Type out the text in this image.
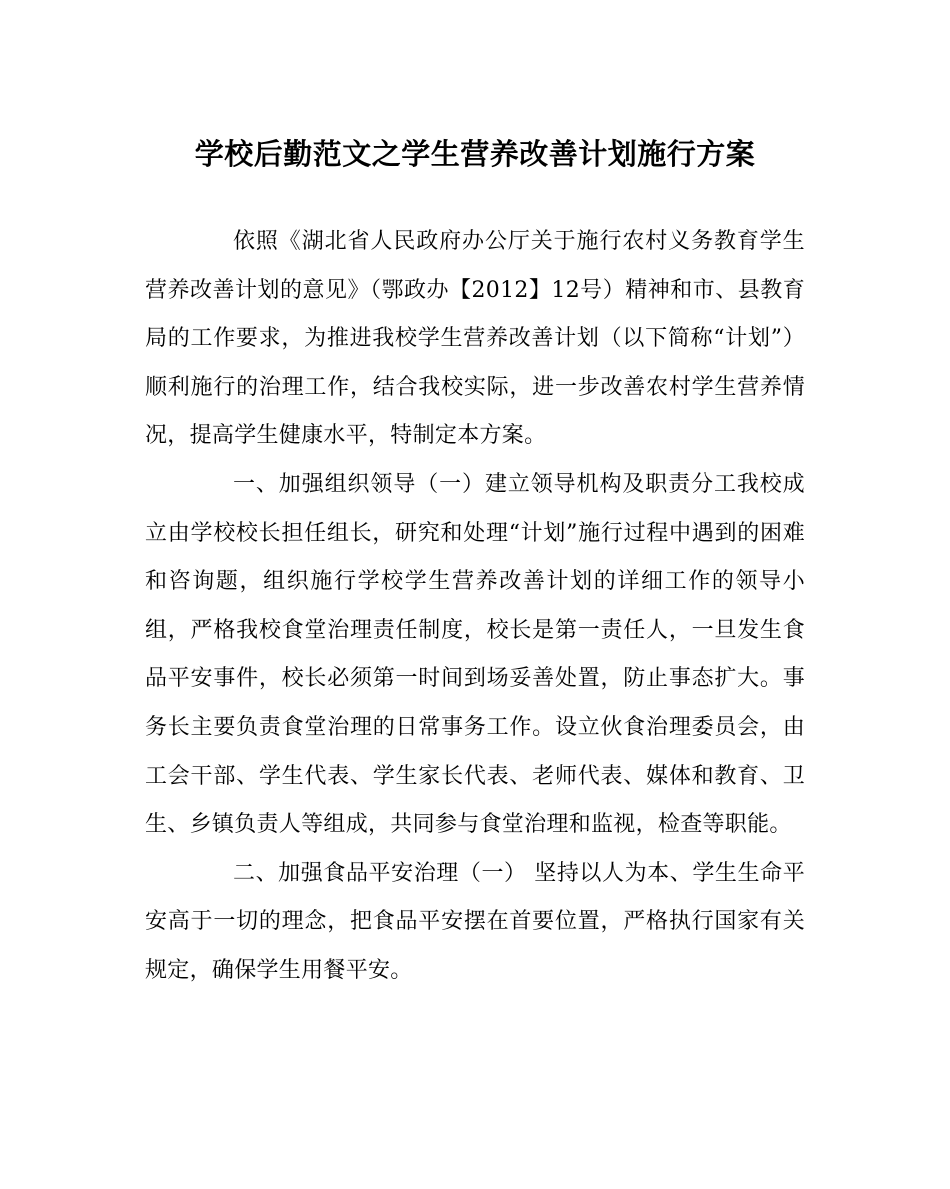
学校后勤范文之学生营养改善计划施行方案

依照《湖北省人民政府办公厅关于施行农村义务教育学生营养改善计划的意见》（鄂政办【2012】12号）精神和市、县教育局的工作要求，为推进我校学生营养改善计划（以下简称“计划”）顺利施行的治理工作，结合我校实际，进一步改善农村学生营养情况，提高学生健康水平，特制定本方案。

一、加强组织领导（一）建立领导机构及职责分工我校成立由学校校长担任组长，研究和处理“计划”施行过程中遇到的困难和咨询题，组织施行学校学生营养改善计划的详细工作的领导小组，严格我校食堂治理责任制度，校长是第一责任人，一旦发生食品平安事件，校长必须第一时间到场妥善处置，防止事态扩大。事务长主要负责食堂治理的日常事务工作。设立伙食治理委员会，由工会干部、学生代表、学生家长代表、老师代表、媒体和教育、卫生、乡镇负责人等组成，共同参与食堂治理和监视，检查等职能。

二、加强食品平安治理（一） 坚持以人为本、学生生命平安高于一切的理念，把食品平安摆在首要位置，严格执行国家有关规定，确保学生用餐平安。
